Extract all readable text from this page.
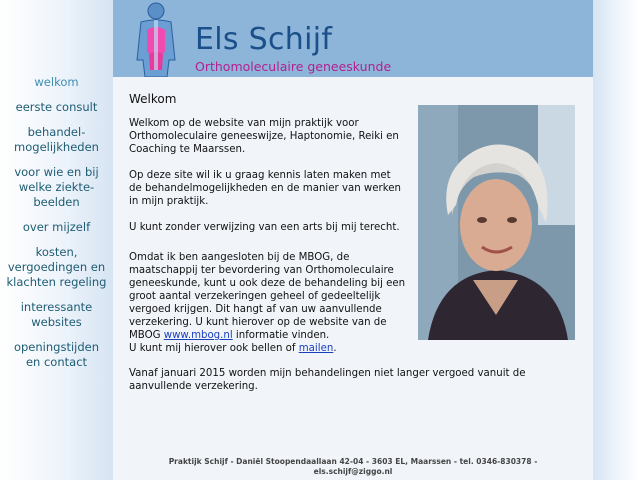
welkom
eerste consult
behandel-
mogelijkheden
voor wie en bij
welke ziekte-
beelden
over mijzelf
kosten,
vergoedingen en
klachten regeling
interessante
websites
openingstijden
en contact
Els Schijf
Orthomoleculaire geneeskunde
Welkom

Welkom op de website van mijn praktijk voor Orthomoleculaire geneeswijze, Haptonomie, Reiki en Coaching te Maarssen.

Op deze site wil ik u graag kennis laten maken met de behandelmogelijkheden en de manier van werken in mijn praktijk.

U kunt zonder verwijzing van een arts bij mij terecht.

Omdat ik ben aangesloten bij de MBOG, de maatschappij ter bevordering van Orthomoleculaire geneeskunde, kunt u ook deze de behandeling bij een groot aantal verzekeringen geheel of gedeeltelijk vergoed krijgen. Dit hangt af van uw aanvullende verzekering. U kunt hierover op de website van de MBOG www.mbog.nl informatie vinden.
U kunt mij hierover ook bellen of mailen.

Vanaf januari 2015 worden mijn behandelingen niet langer vergoed vanuit de aanvullende verzekering.
Praktijk Schijf - Daniël Stoopendaallaan 42-04 - 3603 EL, Maarssen - tel. 0346-830378 -
els.schijf@ziggo.nl
